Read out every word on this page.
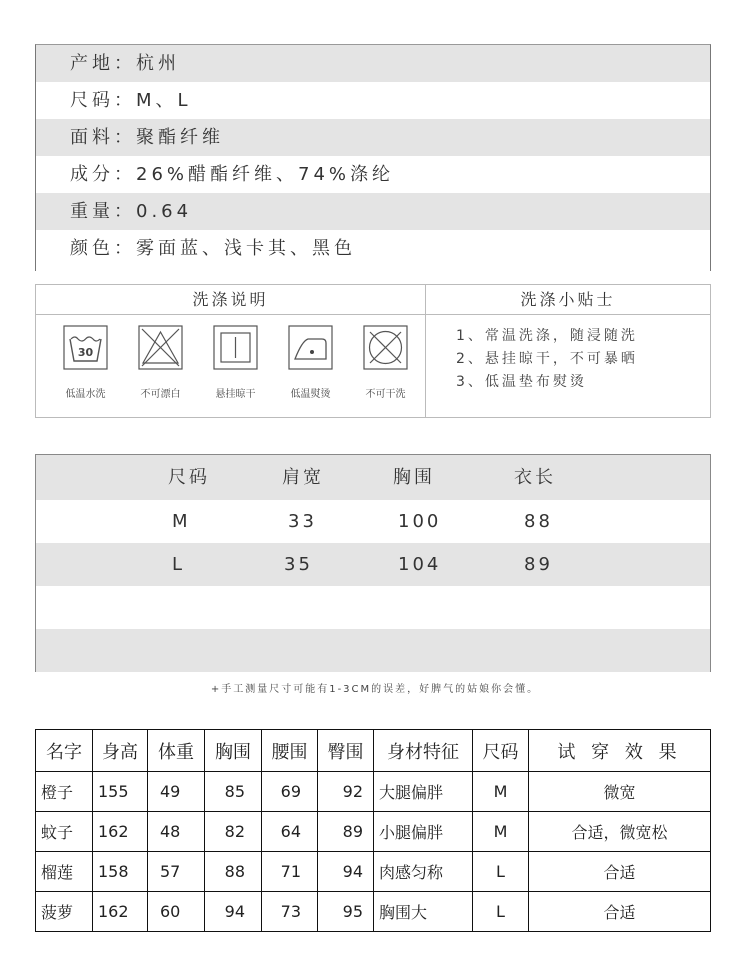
产地：杭州
尺码：M、L
面料：聚酯纤维
成分：26%醋酯纤维、74%涤纶
重量：0.64
颜色：雾面蓝、浅卡其、黑色
洗涤说明
30
低温水洗	不可漂白	悬挂晾干	低温熨烫	不可干洗
洗涤小贴士
1、常温洗涤，随浸随洗
2、悬挂晾干，不可暴晒
3、低温垫布熨烫
尺码	肩宽	胸围	衣长
M	33	100	88
L	35	104	89
+手工测量尺寸可能有1-3CM的误差，好脾气的姑娘你会懂。
名字	身高	体重	胸围	腰围	臀围	身材特征	尺码	试 穿 效 果
橙子	155	49	85	69	92	大腿偏胖	M	微宽
蚊子	162	48	82	64	89	小腿偏胖	M	合适，微宽松
榴莲	158	57	88	71	94	肉感匀称	L	合适
菠萝	162	60	94	73	95	胸围大	L	合适
